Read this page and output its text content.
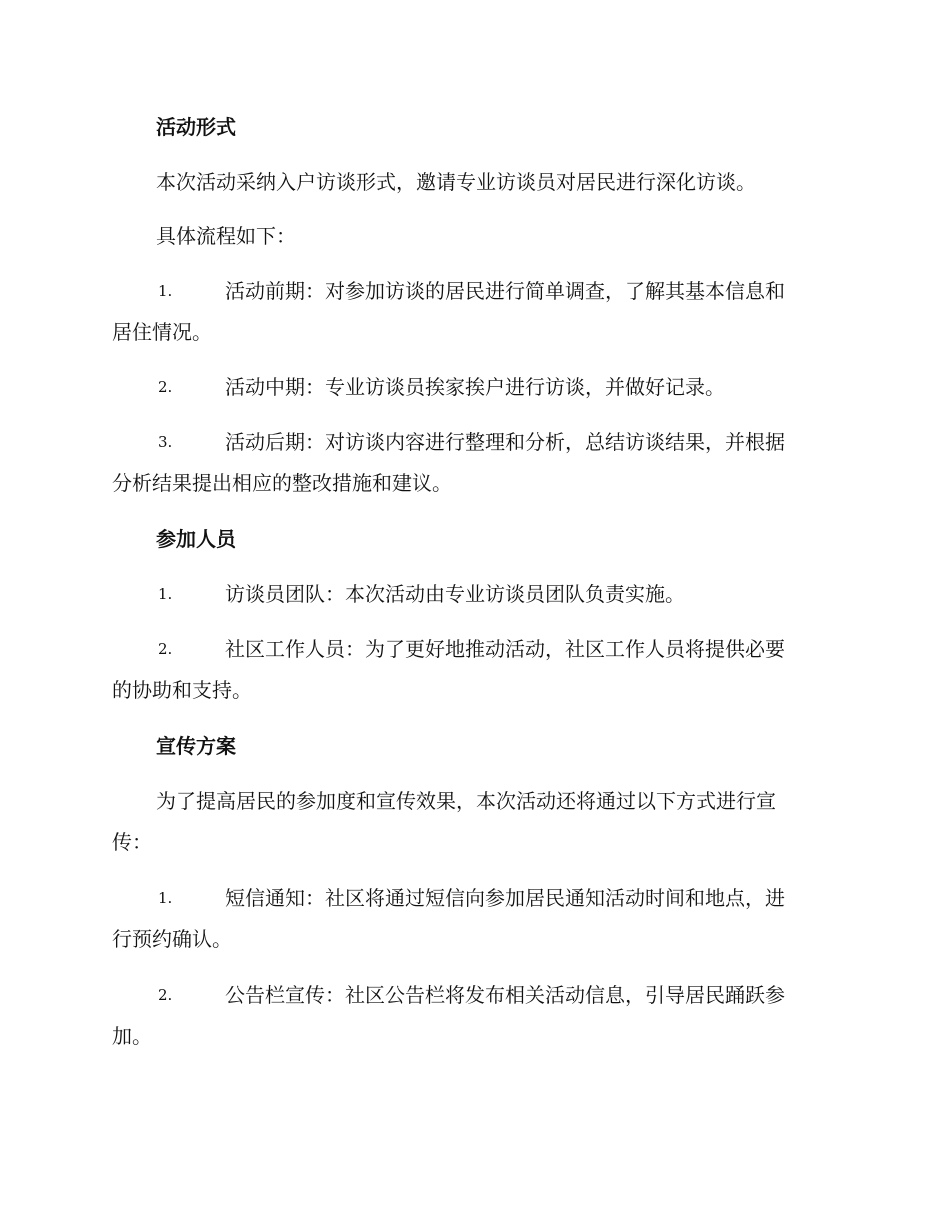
活动形式
本次活动采纳入户访谈形式，邀请专业访谈员对居民进行深化访谈。
具体流程如下：
1.	活动前期：对参加访谈的居民进行简单调查，了解其基本信息和
居住情况。
2.	活动中期：专业访谈员挨家挨户进行访谈，并做好记录。
3.	活动后期：对访谈内容进行整理和分析，总结访谈结果，并根据
分析结果提出相应的整改措施和建议。
参加人员
1.	访谈员团队：本次活动由专业访谈员团队负责实施。
2.	社区工作人员：为了更好地推动活动，社区工作人员将提供必要
的协助和支持。
宣传方案
为了提高居民的参加度和宣传效果，本次活动还将通过以下方式进行宣
传：
1.	短信通知：社区将通过短信向参加居民通知活动时间和地点，进
行预约确认。
2.	公告栏宣传：社区公告栏将发布相关活动信息，引导居民踊跃参
加。
